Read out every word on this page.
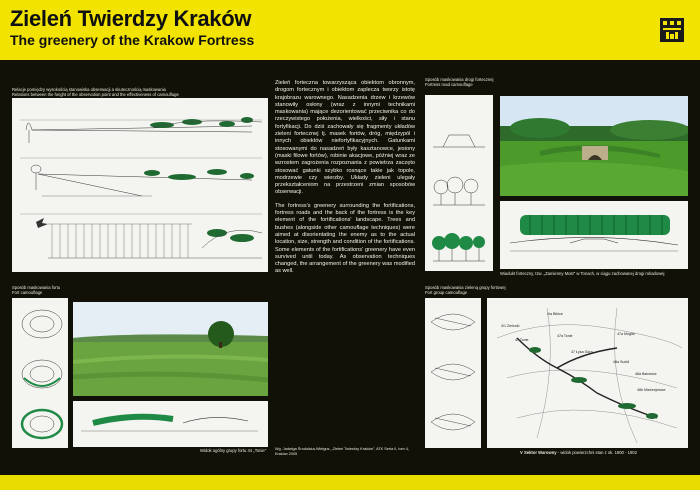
Zieleń Twierdzy Kraków
The greenery of the Krakow Fortress
Relacje pomiędzy wysokością stanowiska obserwacji a skutecznością maskowania
Relations between the height of the observation point and the effectiveness of camouflage

Zieleń forteczna towarzysząca obiektom obronnym, drogom fortecznym i obiektom zaplecza tworzy istotę krajobrazu warownego. Nasadzenia drzew i krzewów stanowiły osłony (wraz z innymi technikami maskowania) mające dezorientować przeciwnika co do rzeczywistego położenia, wielkości, siły i stanu fortyfikacji. Do dziś zachowały się fragmenty układów zieleni fortecznej tj. masek fortów, dróg, międzypól i innych obiektów niefortyfikacyjnych. Gatunkami stosowanymi do nasadzeń były kasztanowce, jesiony (maski filowe fortów), robinie akacjowe, później wraz ze wzrostem zagrożenia rozpoznania z powietrza zaczęto stosować gatunki szybko rosnące takie jak topole, modrzewie czy wierzby. Układy zieleni ulegały przekształceniom na przestrzeni zmian sposobów obserwacji.

The fortress's greenery surrounding the fortifications, fortress roads and the back of the fortress is the key element of the fortifications' landscape. Trees and bushes (alongside other camouflage techniques) were aimed at disorientating the enemy as to the actual location, size, strength and condition of the fortifications. Some elements of the fortifications' greenery have even survived until today. As observation techniques changed, the arrangement of the greenery was modified as well.

Wg. Jadwiga Środulska-Wielgus, „Zieleń Twierdzy Kraków", ATK Seria II, tom 4, Kraków 2005
Sposób maskowania drogi fortecznej
Fortress road camouflage
Wiadukt forteczny, tzw. „Zamienny Most" w Tonach, w ciągu zachowanej drogi rokadowej
Sposób maskowania fortu
Fort camouflage
Widok ogólny grupy fortu 44 „Tonie"
Sposób maskowania zieleną grupy fortowej
Fort group camouflage
4/a Bibice
4/1 Zielonki
47 Tonie
47a Tonie
47 Łysa Góra
47a Mogiła
48a Sudół
48a Batowice
48b Mistrzejowice
V Sektor Warowny - widok powierzchni stan z ok. 1900 - 1902
